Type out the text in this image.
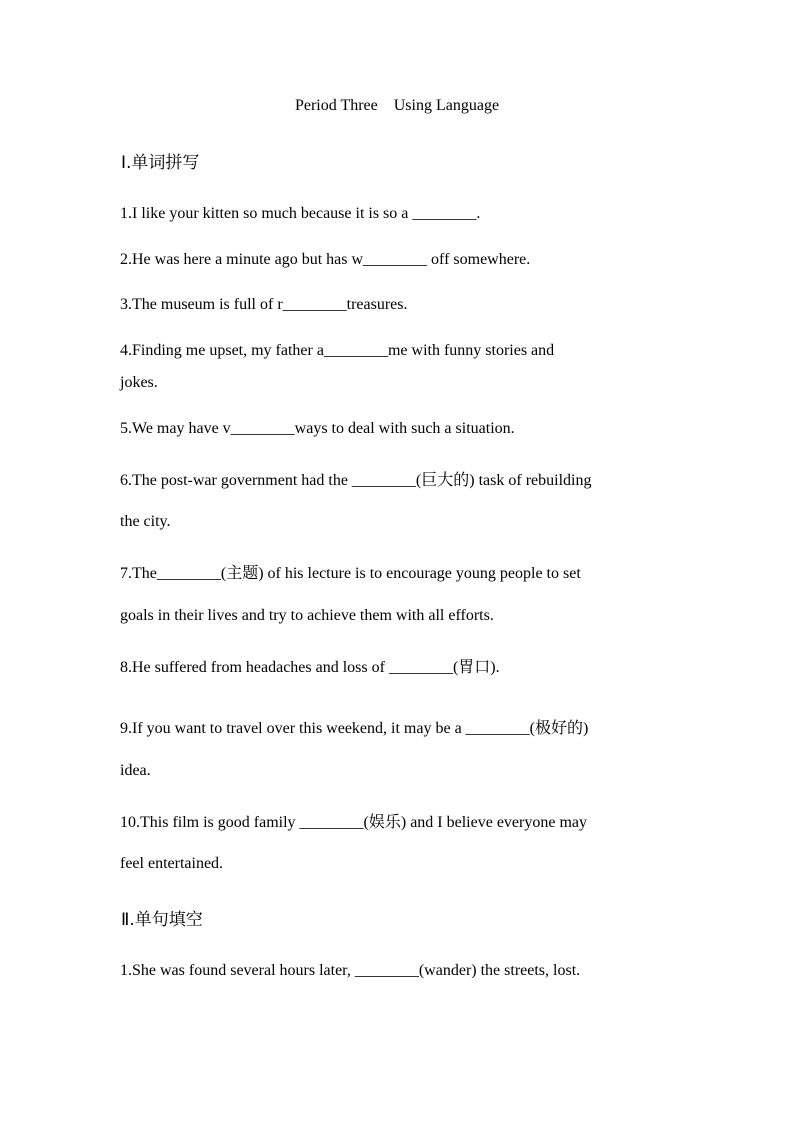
Period Three    Using Language
Ⅰ.单词拼写
1.I like your kitten so much because it is so a ________.
2.He was here a minute ago but has w________ off somewhere.
3.The museum is full of r________treasures.
4.Finding me upset, my father a________me with funny stories and
jokes.
5.We may have v________ways to deal with such a situation.
6.The post-war government had the ________(巨大的) task of rebuilding
the city.
7.The________(主题) of his lecture is to encourage young people to set
goals in their lives and try to achieve them with all efforts.
8.He suffered from headaches and loss of ________(胃口).
9.If you want to travel over this weekend, it may be a ________(极好的)
idea.
10.This film is good family ________(娱乐) and I believe everyone may
feel entertained.
Ⅱ.单句填空
1.She was found several hours later, ________(wander) the streets, lost.
